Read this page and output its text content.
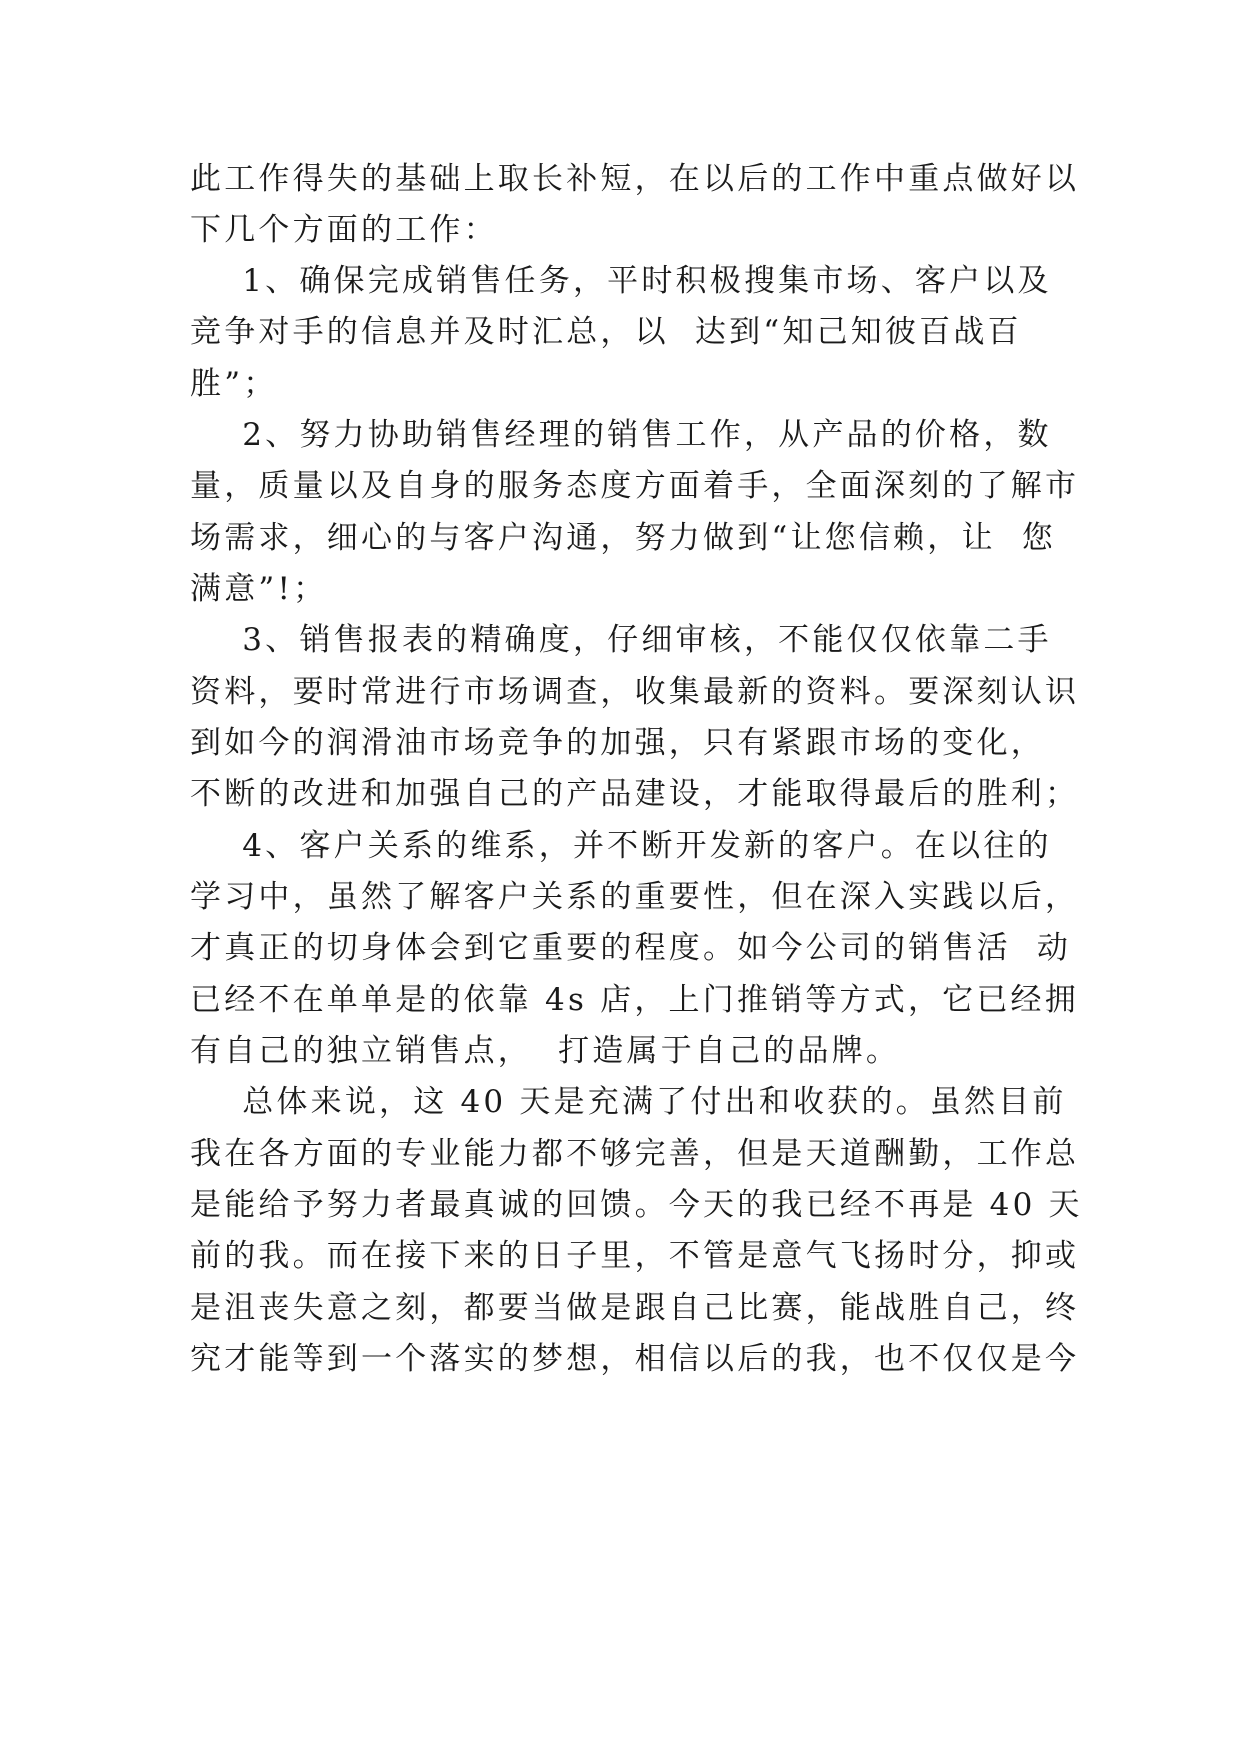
此工作得失的基础上取长补短，在以后的工作中重点做好以
下几个方面的工作：
1、确保完成销售任务，平时积极搜集市场、客户以及
竞争对手的信息并及时汇总，以  达到“知己知彼百战百
胜”；
2、努力协助销售经理的销售工作，从产品的价格，数
量，质量以及自身的服务态度方面着手，全面深刻的了解市
场需求，细心的与客户沟通，努力做到“让您信赖，让  您
满意”!；
3、销售报表的精确度，仔细审核，不能仅仅依靠二手
资料，要时常进行市场调查，收集最新的资料。要深刻认识
到如今的润滑油市场竞争的加强，只有紧跟市场的变化，
不断的改进和加强自己的产品建设，才能取得最后的胜利；
4、客户关系的维系，并不断开发新的客户。在以往的
学习中，虽然了解客户关系的重要性，但在深入实践以后，
才真正的切身体会到它重要的程度。如今公司的销售活  动
已经不在单单是的依靠 4s 店，上门推销等方式，它已经拥
有自己的独立销售点，  打造属于自己的品牌。
总体来说，这 40 天是充满了付出和收获的。虽然目前
我在各方面的专业能力都不够完善，但是天道酬勤，工作总
是能给予努力者最真诚的回馈。今天的我已经不再是 40 天
前的我。而在接下来的日子里，不管是意气飞扬时分，抑或
是沮丧失意之刻，都要当做是跟自己比赛，能战胜自己，终
究才能等到一个落实的梦想，相信以后的我，也不仅仅是今
